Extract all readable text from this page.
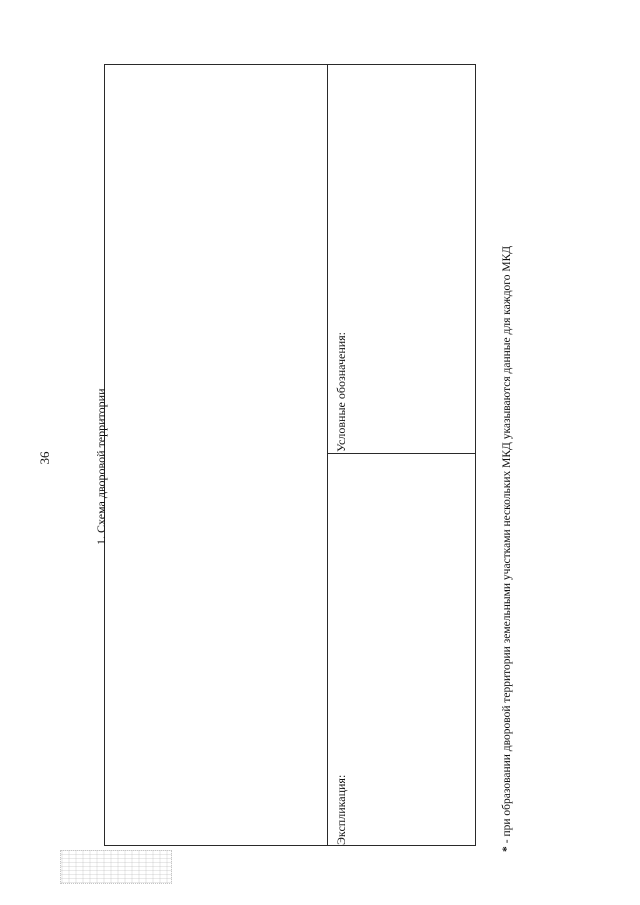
36	1. Схема дворовой территории	Условные обозначения:
Экспликация:
*- при образовании дворовой территории земельными участками нескольких МКД указываются данные для каждого МКД
